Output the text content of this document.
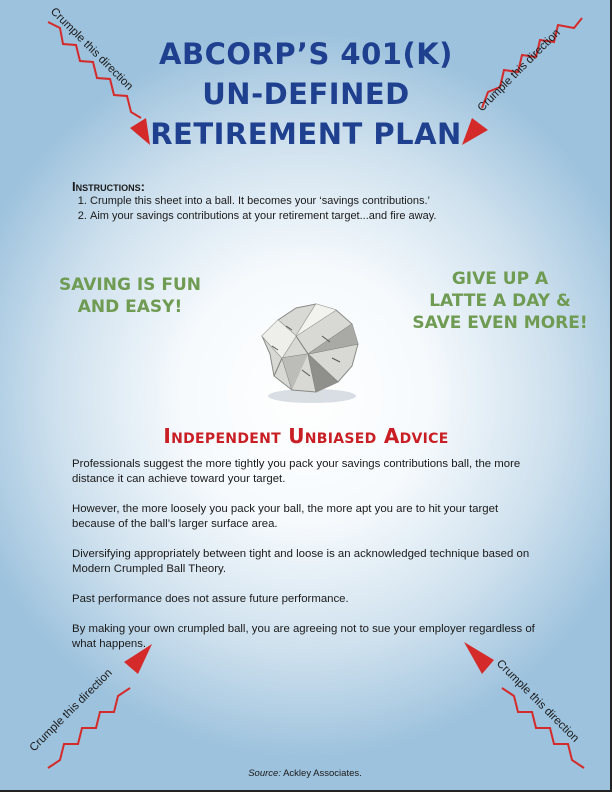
ABCORP’S 401(K)
UN-DEFINED
RETIREMENT PLAN
Crumple this direction	Crumple this direction
Crumple this direction	Crumple this direction
Instructions:
1. Crumple this sheet into a ball. It becomes your ‘savings contributions.’
2. Aim your savings contributions at your retirement target...and fire away.
SAVING IS FUN
AND EASY!
GIVE UP A
LATTE A DAY &
SAVE EVEN MORE!
Independent Unbiased Advice

Professionals suggest the more tightly you pack your savings contributions ball, the more distance it can achieve toward your target.

However, the more loosely you pack your ball, the more apt you are to hit your target because of the ball’s larger surface area.

Diversifying appropriately between tight and loose is an acknowledged technique based on Modern Crumpled Ball Theory.

Past performance does not assure future performance.

By making your own crumpled ball, you are agreeing not to sue your employer regardless of what happens.

Source: Ackley Associates.
